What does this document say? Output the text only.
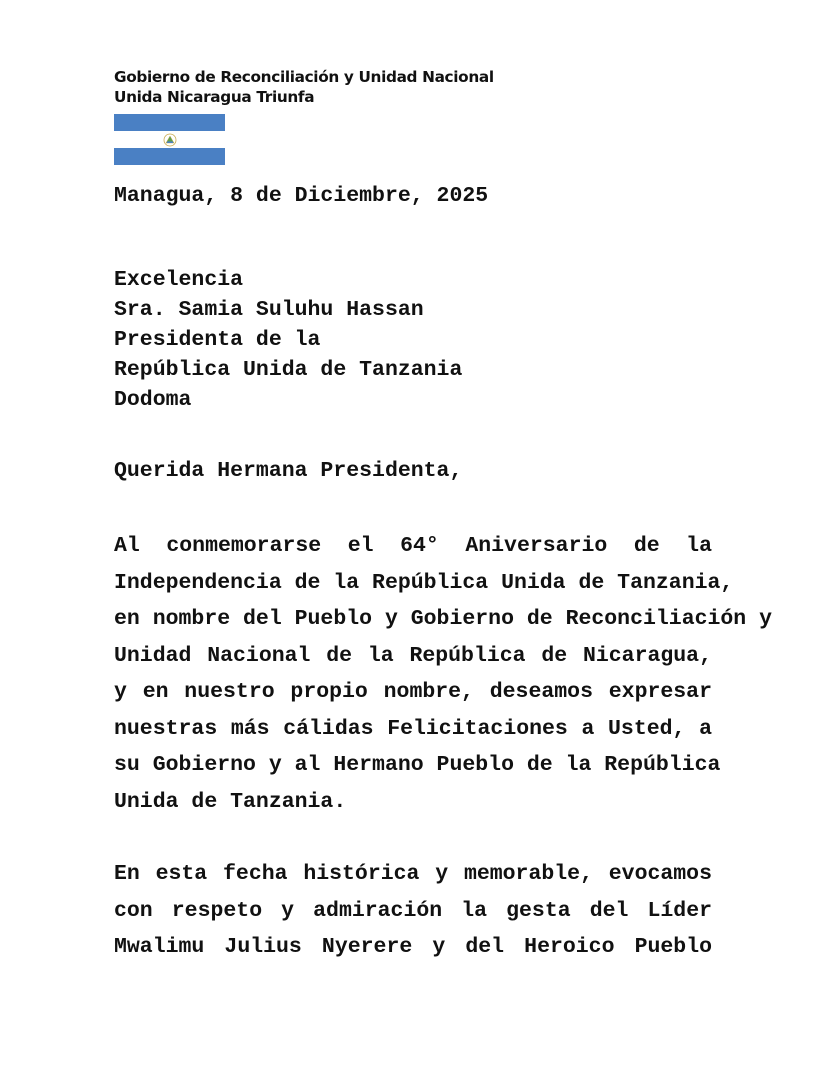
Gobierno de Reconciliación y Unidad Nacional
Unida Nicaragua Triunfa
Managua, 8 de Diciembre, 2025
Excelencia
Sra. Samia Suluhu Hassan
Presidenta de la
República Unida de Tanzania
Dodoma
Querida Hermana Presidenta,
Al conmemorarse el 64° Aniversario de la
Independencia de la República Unida de Tanzania,
en nombre del Pueblo y Gobierno de Reconciliación y
Unidad Nacional de la República de Nicaragua,
y en nuestro propio nombre, deseamos expresar
nuestras más cálidas Felicitaciones a Usted, a
su Gobierno y al Hermano Pueblo de la República
Unida de Tanzania.
En esta fecha histórica y memorable, evocamos
con respeto y admiración la gesta del Líder
Mwalimu Julius Nyerere y del Heroico Pueblo
